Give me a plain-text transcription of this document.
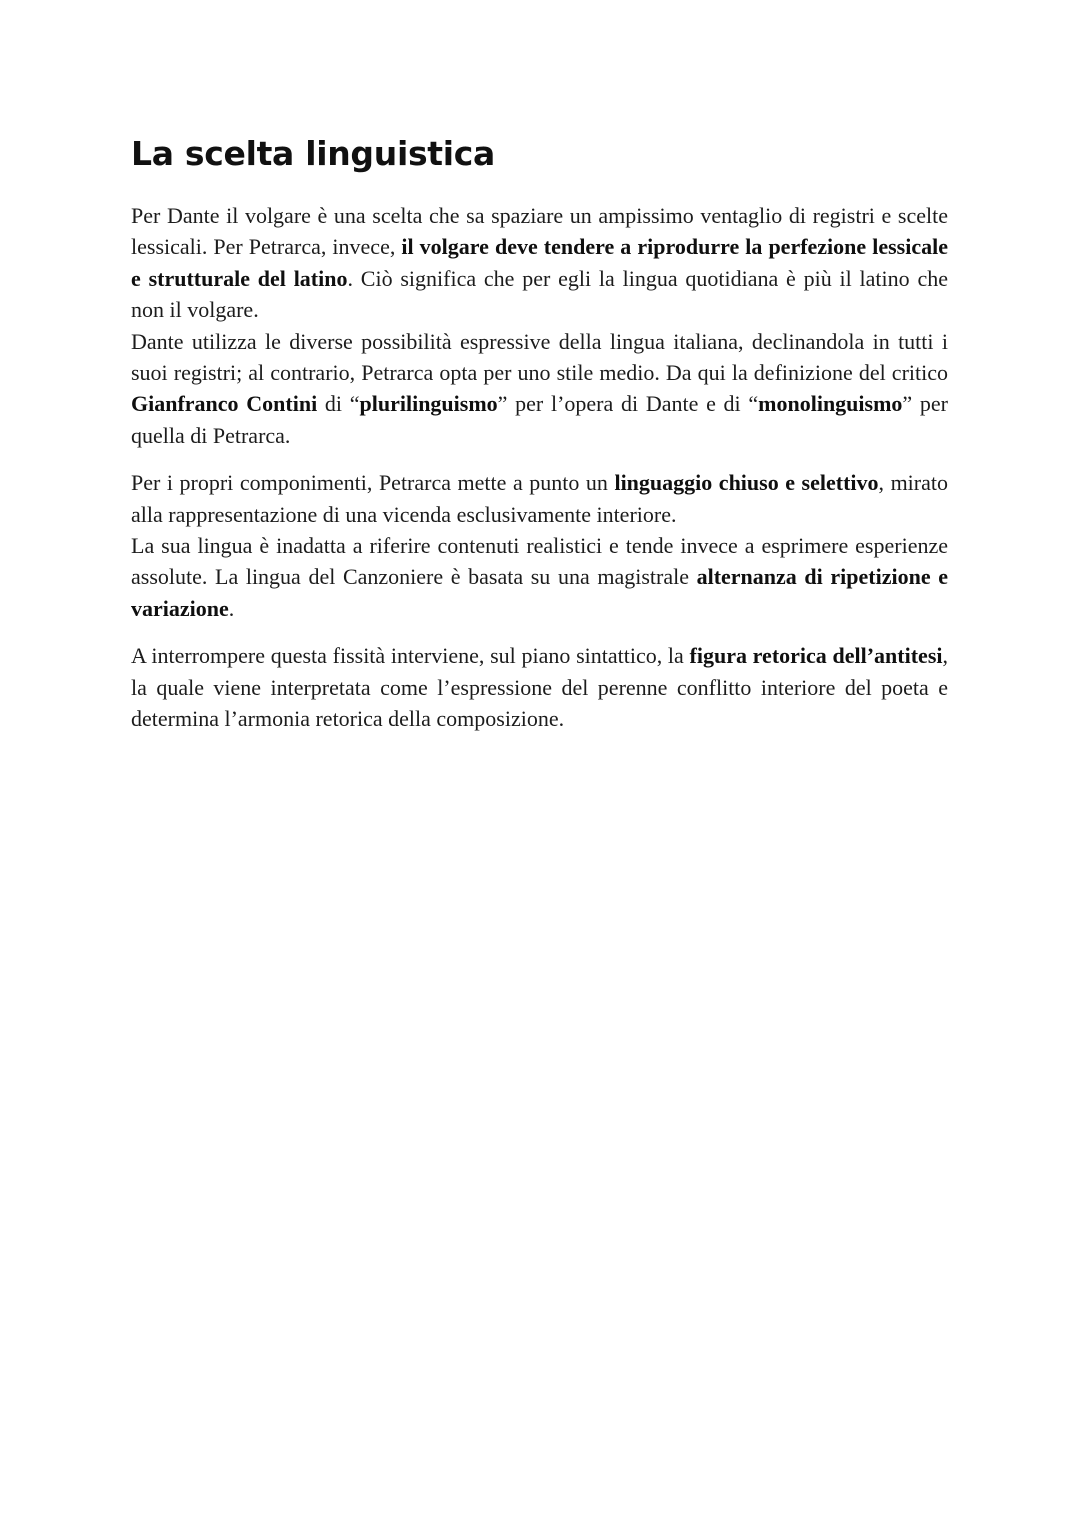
La scelta linguistica

Per Dante il volgare è una scelta che sa spaziare un ampissimo ventaglio di registri e scelte lessicali. Per Petrarca, invece, il volgare deve tendere a riprodurre la perfezione lessicale e strutturale del latino. Ciò significa che per egli la lingua quotidiana è più il latino che non il volgare.

Dante utilizza le diverse possibilità espressive della lingua italiana, declinandola in tutti i suoi registri; al contrario, Petrarca opta per uno stile medio. Da qui la definizione del critico Gianfranco Contini di “plurilinguismo” per l’opera di Dante e di “monolinguismo” per quella di Petrarca.

Per i propri componimenti, Petrarca mette a punto un linguaggio chiuso e selettivo, mirato alla rappresentazione di una vicenda esclusivamente interiore.

La sua lingua è inadatta a riferire contenuti realistici e tende invece a esprimere esperienze assolute. La lingua del Canzoniere è basata su una magistrale alternanza di ripetizione e variazione.

A interrompere questa fissità interviene, sul piano sintattico, la figura retorica dell’antitesi, la quale viene interpretata come l’espressione del perenne conflitto interiore del poeta e determina l’armonia retorica della composizione.
